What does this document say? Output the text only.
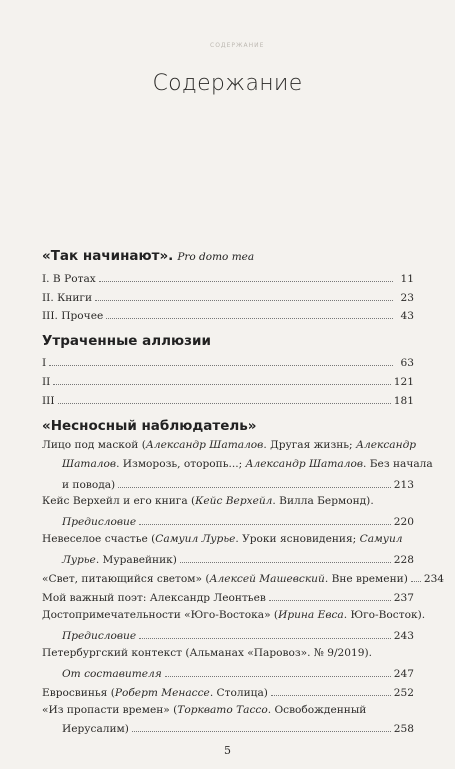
СОДЕРЖАНИЕ
Содержание
«Так начинают». Pro domo mea
I. В Ротах	11
II. Книги	23
III. Прочее	43
Утраченные аллюзии
I	63
II	121
III	181
«Несносный наблюдатель»
Лицо под маской (Александр Шаталов. Другая жизнь; Александр
Шаталов. Изморозь, оторопь...; Александр Шаталов. Без начала
и повода)	213
Кейс Верхейл и его книга (Кейс Верхейл. Вилла Бермонд).
Предисловие	220
Невеселое счастье (Самуил Лурье. Уроки ясновидения; Самуил
Лурье. Муравейник)	228
«Свет, питающийся светом» (Алексей Машевский. Вне времени) 234
Мой важный поэт: Александр Леонтьев	237
Достопримечательности «Юго-Востока» (Ирина Евса. Юго-Восток).
Предисловие	243
Петербургский контекст (Альманах «Паровоз». № 9/2019).
От составителя	247
Евросвинья (Роберт Менассе. Столица)	252
«Из пропасти времен» (Торквато Тассо. Освобожденный
Иерусалим)	258
5
